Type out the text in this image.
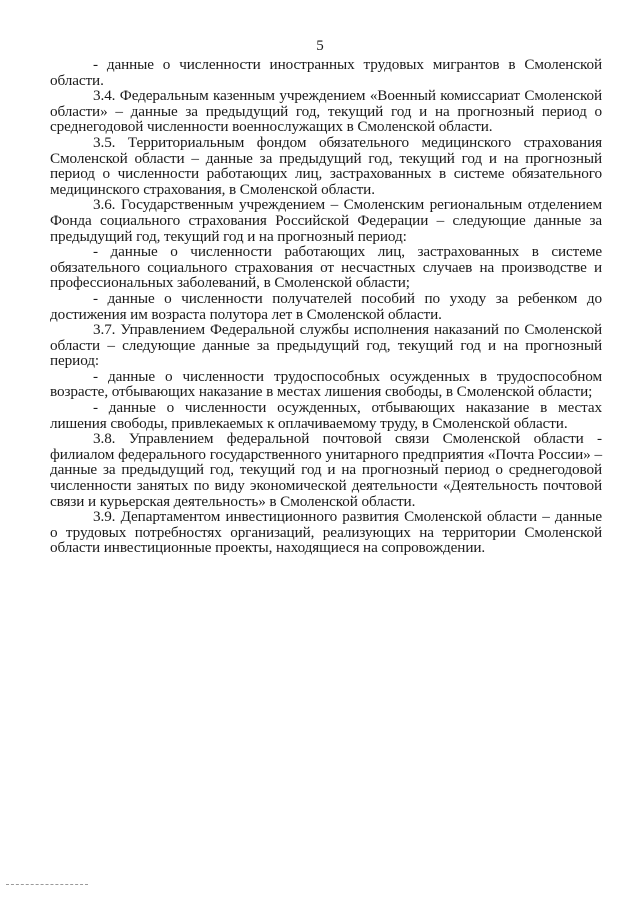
5

- данные о численности иностранных трудовых мигрантов в Смоленской области.

3.4. Федеральным казенным учреждением «Военный комиссариат Смоленской области» – данные за предыдущий год, текущий год и на прогнозный период о среднегодовой численности военнослужащих в Смоленской области.

3.5. Территориальным фондом обязательного медицинского страхования Смоленской области – данные за предыдущий год, текущий год и на прогнозный период о численности работающих лиц, застрахованных в системе обязательного медицинского страхования, в Смоленской области.

3.6. Государственным учреждением – Смоленским региональным отделением Фонда социального страхования Российской Федерации – следующие данные за предыдущий год, текущий год и на прогнозный период:

- данные о численности работающих лиц, застрахованных в системе обязательного социального страхования от несчастных случаев на производстве и профессиональных заболеваний, в Смоленской области;

- данные о численности получателей пособий по уходу за ребенком до достижения им возраста полутора лет в Смоленской области.

3.7. Управлением Федеральной службы исполнения наказаний по Смоленской области – следующие данные за предыдущий год, текущий год и на прогнозный период:

- данные о численности трудоспособных осужденных в трудоспособном возрасте, отбывающих наказание в местах лишения свободы, в Смоленской области;

- данные о численности осужденных, отбывающих наказание в местах лишения свободы, привлекаемых к оплачиваемому труду, в Смоленской области.

3.8. Управлением федеральной почтовой связи Смоленской области - филиалом федерального государственного унитарного предприятия «Почта России» – данные за предыдущий год, текущий год и на прогнозный период о среднегодовой численности занятых по виду экономической деятельности «Деятельность почтовой связи и курьерская деятельность» в Смоленской области.

3.9. Департаментом инвестиционного развития Смоленской области – данные о трудовых потребностях организаций, реализующих на территории Смоленской области инвестиционные проекты, находящиеся на сопровождении.
